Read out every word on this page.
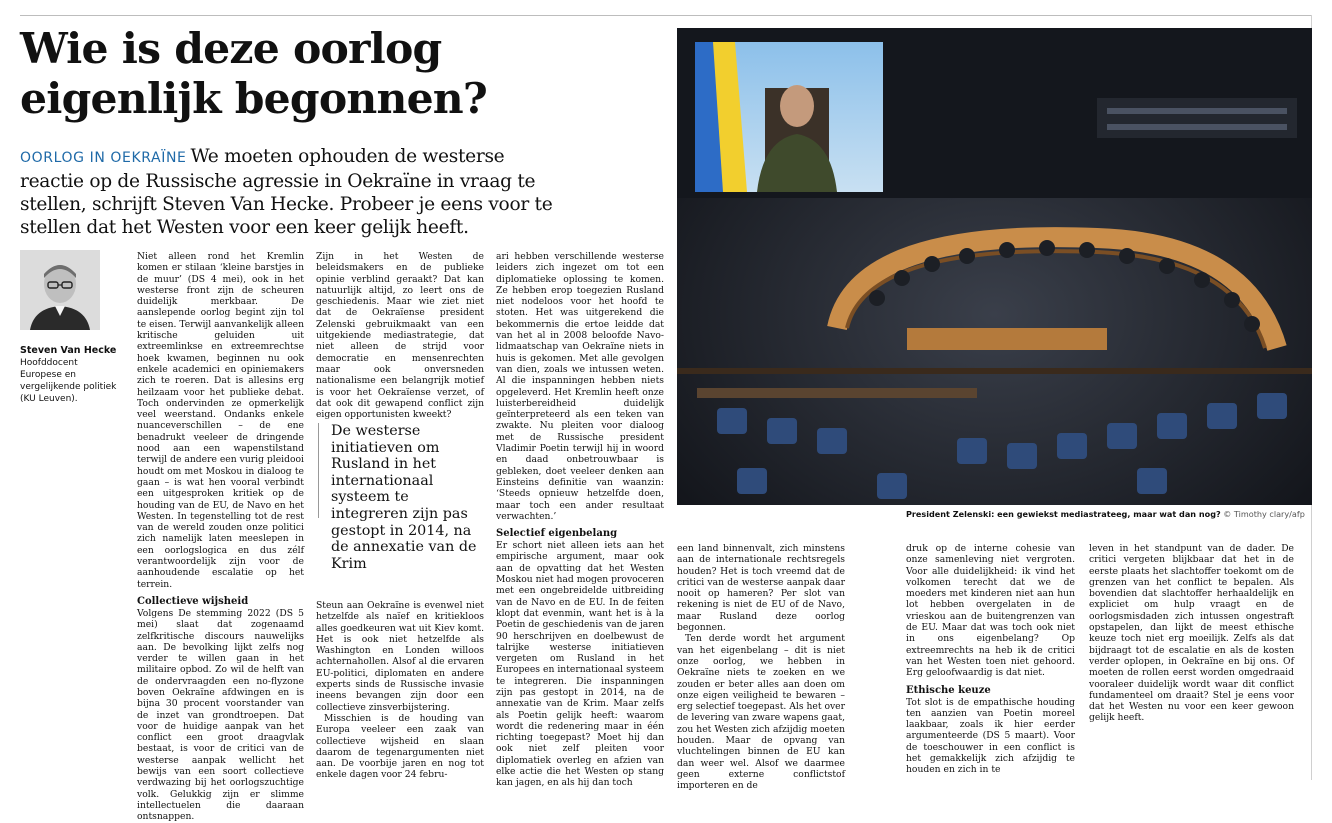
Wie is deze oorlog eigenlijk begonnen?
OORLOG IN OEKRAÏNE We moeten ophouden de westerse reactie op de Russische agressie in Oekraïne in vraag te stellen, schrijft Steven Van Hecke. Probeer je eens voor te stellen dat het Westen voor een keer gelijk heeft.
Steven Van Hecke
Hoofddocent Europese en vergelijkende politiek (KU Leuven).

Niet alleen rond het Kremlin komen er stilaan ‘kleine barstjes in de muur’ (DS 4 mei), ook in het westerse front zijn de scheuren duidelijk merkbaar. De aanslepende oorlog begint zijn tol te eisen. Terwijl aanvankelijk alleen kritische geluiden uit extreemlinkse en extreemrechtse hoek kwamen, beginnen nu ook enkele academici en opiniemakers zich te roeren. Dat is allesins erg heilzaam voor het publieke debat. Toch ondervinden ze opmerkelijk veel weerstand. Ondanks enkele nuanceverschillen – de ene benadrukt veeleer de dringende nood aan een wapenstilstand terwijl de andere een vurig pleidooi houdt om met Moskou in dialoog te gaan – is wat hen vooral verbindt een uitgesproken kritiek op de houding van de EU, de Navo en het Westen. In tegenstelling tot de rest van de wereld zouden onze politici zich namelijk laten meeslepen in een oorlogslogica en dus zélf verantwoordelijk zijn voor de aanhoudende escalatie op het terrein.

Collectieve wijsheid

Volgens De stemming 2022 (DS 5 mei) slaat dat zogenaamd zelfkritische discours nauwelijks aan. De bevolking lijkt zelfs nog verder te willen gaan in het militaire opbod. Zo wil de helft van de ondervraagden een no-flyzone boven Oekraïne afdwingen en is bijna 30 procent voorstander van de inzet van grondtroepen. Dat voor de huidige aanpak van het conflict een groot draagvlak bestaat, is voor de critici van de westerse aanpak wellicht het bewijs van een soort collectieve verdwazing bij het oorlogszuchtige volk. Gelukkig zijn er slimme intellectuelen die daaraan ontsnappen.

Zijn in het Westen de beleidsmakers en de publieke opinie verblind geraakt? Dat kan natuurlijk altijd, zo leert ons de geschiedenis. Maar wie ziet niet dat de Oekraïense president Zelenski gebruikmaakt van een uitgekiende mediastrategie, dat niet alleen de strijd voor democratie en mensenrechten maar ook onversneden nationalisme een belangrijk motief is voor het Oekraïense verzet, of dat ook dit gewapend conflict zijn eigen opportunisten kweekt?

De westerse initiatieven om Rusland in het internationaal systeem te integreren zijn pas gestopt in 2014, na de annexatie van de Krim

Steun aan Oekraïne is evenwel niet hetzelfde als naïef en kritiekloos alles goedkeuren wat uit Kiev komt. Het is ook niet hetzelfde als Washington en Londen willoos achternahollen. Alsof al die ervaren EU-politici, diplomaten en andere experts sinds de Russische invasie ineens bevangen zijn door een collectieve zinsverbijstering.

Misschien is de houding van Europa veeleer een zaak van collectieve wijsheid en slaan daarom de tegenargumenten niet aan. De voorbije jaren en nog tot enkele dagen voor 24 febru-

ari hebben verschillende westerse leiders zich ingezet om tot een diplomatieke oplossing te komen. Ze hebben erop toegezien Rusland niet nodeloos voor het hoofd te stoten. Het was uitgerekend die bekommernis die ertoe leidde dat van het al in 2008 beloofde Navo-lidmaatschap van Oekraïne niets in huis is gekomen. Met alle gevolgen van dien, zoals we intussen weten. Al die inspanningen hebben niets opgeleverd. Het Kremlin heeft onze luisterbereidheid duidelijk geïnterpreteerd als een teken van zwakte. Nu pleiten voor dialoog met de Russische president Vladimir Poetin terwijl hij in woord en daad onbetrouwbaar is gebleken, doet veeleer denken aan Einsteins definitie van waanzin: ‘Steeds opnieuw hetzelfde doen, maar toch een ander resultaat verwachten.’

Selectief eigenbelang

Er schort niet alleen iets aan het empirische argument, maar ook aan de opvatting dat het Westen Moskou niet had mogen provoceren met een ongebreidelde uitbreiding van de Navo en de EU. In de feiten klopt dat evenmin, want het is à la Poetin de geschiedenis van de jaren 90 herschrijven en doelbewust de talrijke westerse initiatieven vergeten om Rusland in het Europees en internationaal systeem te integreren. Die inspanningen zijn pas gestopt in 2014, na de annexatie van de Krim. Maar zelfs als Poetin gelijk heeft: waarom wordt die redenering maar in één richting toegepast? Moet hij dan ook niet zelf pleiten voor diplomatiek overleg en afzien van elke actie die het Westen op stang kan jagen, en als hij dan toch

een land binnenvalt, zich minstens aan de internationale rechtsregels houden? Het is toch vreemd dat de critici van de westerse aanpak daar nooit op hameren? Per slot van rekening is niet de EU of de Navo, maar Rusland deze oorlog begonnen.

Ten derde wordt het argument van het eigenbelang – dit is niet onze oorlog, we hebben in Oekraïne niets te zoeken en we zouden er beter alles aan doen om onze eigen veiligheid te bewaren – erg selectief toegepast. Als het over de levering van zware wapens gaat, zou het Westen zich afzijdig moeten houden. Maar de opvang van vluchtelingen binnen de EU kan dan weer wel. Alsof we daarmee geen externe conflictstof importeren en de

druk op de interne cohesie van onze samenleving niet vergroten. Voor alle duidelijkheid: ik vind het volkomen terecht dat we de moeders met kinderen niet aan hun lot hebben overgelaten in de vrieskou aan de buitengrenzen van de EU. Maar dat was toch ook niet in ons eigenbelang? Op extreemrechts na heb ik de critici van het Westen toen niet gehoord. Erg geloofwaardig is dat niet.

Ethische keuze

Tot slot is de empathische houding ten aanzien van Poetin moreel laakbaar, zoals ik hier eerder argumenteerde (DS 5 maart). Voor de toeschouwer in een conflict is het gemakkelijk zich afzijdig te houden en zich in te

leven in het standpunt van de dader. De critici vergeten blijkbaar dat het in de eerste plaats het slachtoffer toekomt om de grenzen van het conflict te bepalen. Als bovendien dat slachtoffer herhaaldelijk en expliciet om hulp vraagt en de oorlogsmisdaden zich intussen ongestraft opstapelen, dan lijkt de meest ethische keuze toch niet erg moeilijk. Zelfs als dat bijdraagt tot de escalatie en als de kosten verder oplopen, in Oekraïne en bij ons. Of moeten de rollen eerst worden omgedraaid vooraleer duidelijk wordt waar dit conflict fundamenteel om draait? Stel je eens voor dat het Westen nu voor een keer gewoon gelijk heeft.

President Zelenski: een gewiekst mediastrateeg, maar wat dan nog? © Timothy clary/afp
